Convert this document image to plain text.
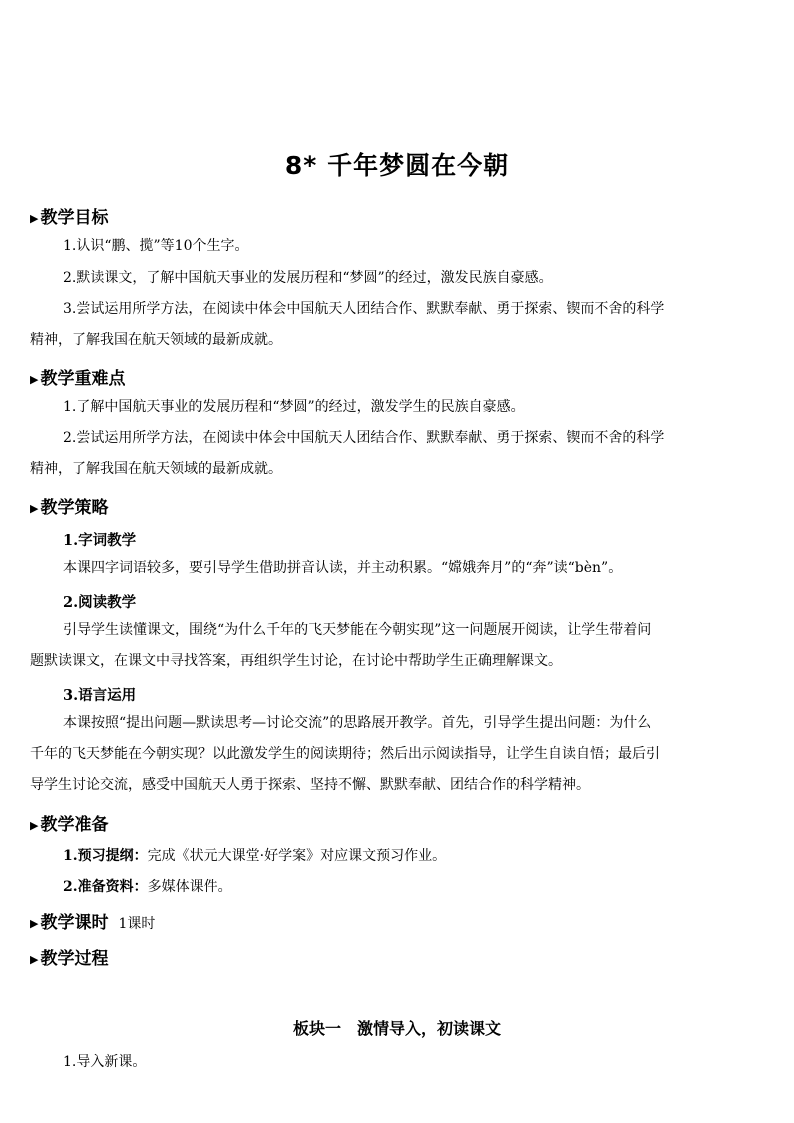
8* 千年梦圆在今朝
▶ 教学目标
1.认识“鹏、揽”等10个生字。
2.默读课文，了解中国航天事业的发展历程和“梦圆”的经过，激发民族自豪感。
3.尝试运用所学方法，在阅读中体会中国航天人团结合作、默默奉献、勇于探索、锲而不舍的科学
精神，了解我国在航天领域的最新成就。
▶ 教学重难点
1.了解中国航天事业的发展历程和“梦圆”的经过，激发学生的民族自豪感。
2.尝试运用所学方法，在阅读中体会中国航天人团结合作、默默奉献、勇于探索、锲而不舍的科学
精神，了解我国在航天领域的最新成就。
▶ 教学策略
1.字词教学
本课四字词语较多，要引导学生借助拼音认读，并主动积累。“嫦娥奔月”的“奔”读“bèn”。
2.阅读教学
引导学生读懂课文，围绕“为什么千年的飞天梦能在今朝实现”这一问题展开阅读，让学生带着问
题默读课文，在课文中寻找答案，再组织学生讨论，在讨论中帮助学生正确理解课文。
3.语言运用
本课按照“提出问题—默读思考—讨论交流”的思路展开教学。首先，引导学生提出问题：为什么
千年的飞天梦能在今朝实现？以此激发学生的阅读期待；然后出示阅读指导，让学生自读自悟；最后引
导学生讨论交流，感受中国航天人勇于探索、坚持不懈、默默奉献、团结合作的科学精神。
▶ 教学准备
1.预习提纲：完成《状元大课堂·好学案》对应课文预习作业。
2.准备资料：多媒体课件。
▶ 教学课时 1课时
▶ 教学过程
板块一　激情导入，初读课文
1.导入新课。
